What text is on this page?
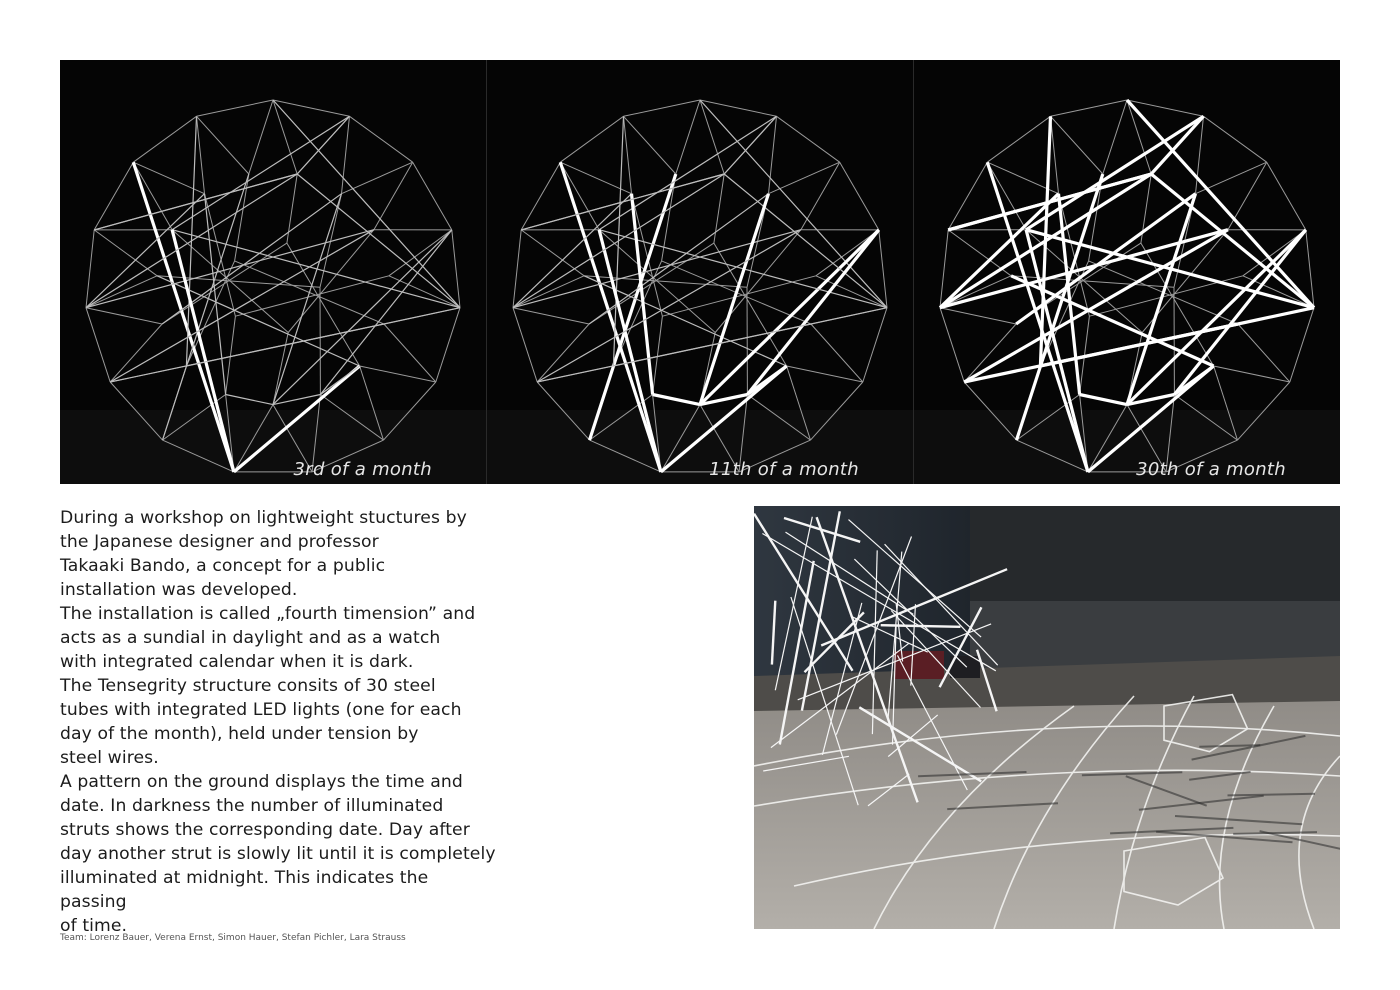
3rd of a month	11th of a month	30th of a month

During a workshop on lightweight stuctures by

the Japanese designer and professor

Takaaki Bando, a concept for a public

installation was developed.

The installation is called „fourth timension” and

acts as a sundial in daylight and as a watch

with integrated calendar when it is dark.

The Tensegrity structure consits of 30 steel

tubes with integrated LED lights (one for each

day of the month), held under tension by

steel wires.

A pattern on the ground displays the time and

date. In darkness the number of illuminated

struts shows the corresponding date. Day after

day another strut is slowly lit until it is completely

illuminated at midnight. This indicates the passing

of time.

Team: Lorenz Bauer, Verena Ernst, Simon Hauer, Stefan Pichler, Lara Strauss
